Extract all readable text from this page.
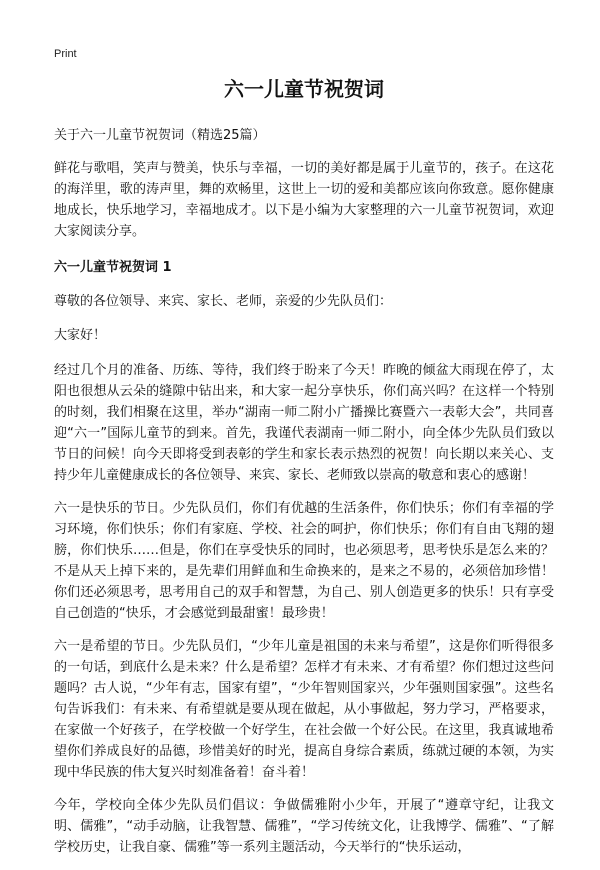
Print
六一儿童节祝贺词
关于六一儿童节祝贺词（精选25篇）
鲜花与歌唱，笑声与赞美，快乐与幸福，一切的美好都是属于儿童节的，孩子。在这花的海洋里，歌的涛声里，舞的欢畅里，这世上一切的爱和美都应该向你致意。愿你健康地成长，快乐地学习，幸福地成才。以下是小编为大家整理的六一儿童节祝贺词，欢迎大家阅读分享。
六一儿童节祝贺词 1
尊敬的各位领导、来宾、家长、老师，亲爱的少先队员们：
大家好！
经过几个月的准备、历练、等待，我们终于盼来了今天！昨晚的倾盆大雨现在停了，太阳也很想从云朵的缝隙中钻出来，和大家一起分享快乐，你们高兴吗？在这样一个特别的时刻，我们相聚在这里，举办“湖南一师二附小广播操比赛暨六一表彰大会”，共同喜迎“六一”国际儿童节的到来。首先，我谨代表湖南一师二附小，向全体少先队员们致以节日的问候！向今天即将受到表彰的学生和家长表示热烈的祝贺！向长期以来关心、支持少年儿童健康成长的各位领导、来宾、家长、老师致以崇高的敬意和衷心的感谢！
六一是快乐的节日。少先队员们，你们有优越的生活条件，你们快乐；你们有幸福的学习环境，你们快乐；你们有家庭、学校、社会的呵护，你们快乐；你们有自由飞翔的翅膀，你们快乐……但是，你们在享受快乐的同时，也必须思考，思考快乐是怎么来的？不是从天上掉下来的，是先辈们用鲜血和生命换来的，是来之不易的，必须倍加珍惜！你们还必须思考，思考用自己的双手和智慧，为自己、别人创造更多的快乐！只有享受自己创造的“快乐，才会感觉到最甜蜜！最珍贵！
六一是希望的节日。少先队员们，“少年儿童是祖国的未来与希望”，这是你们听得很多的一句话，到底什么是未来？什么是希望？怎样才有未来、才有希望？你们想过这些问题吗？古人说，“少年有志，国家有望”，“少年智则国家兴，少年强则国家强”。这些名句告诉我们：有未来、有希望就是要从现在做起，从小事做起，努力学习，严格要求，在家做一个好孩子，在学校做一个好学生，在社会做一个好公民。在这里，我真诚地希望你们养成良好的品德，珍惜美好的时光，提高自身综合素质，练就过硬的本领，为实现中华民族的伟大复兴时刻准备着！奋斗着！
今年，学校向全体少先队员们倡议：争做儒雅附小少年，开展了“遵章守纪，让我文明、儒雅”，“动手动脑，让我智慧、儒雅”，“学习传统文化，让我博学、儒雅”、“了解学校历史，让我自豪、儒雅”等一系列主题活动，今天举行的“快乐运动，
